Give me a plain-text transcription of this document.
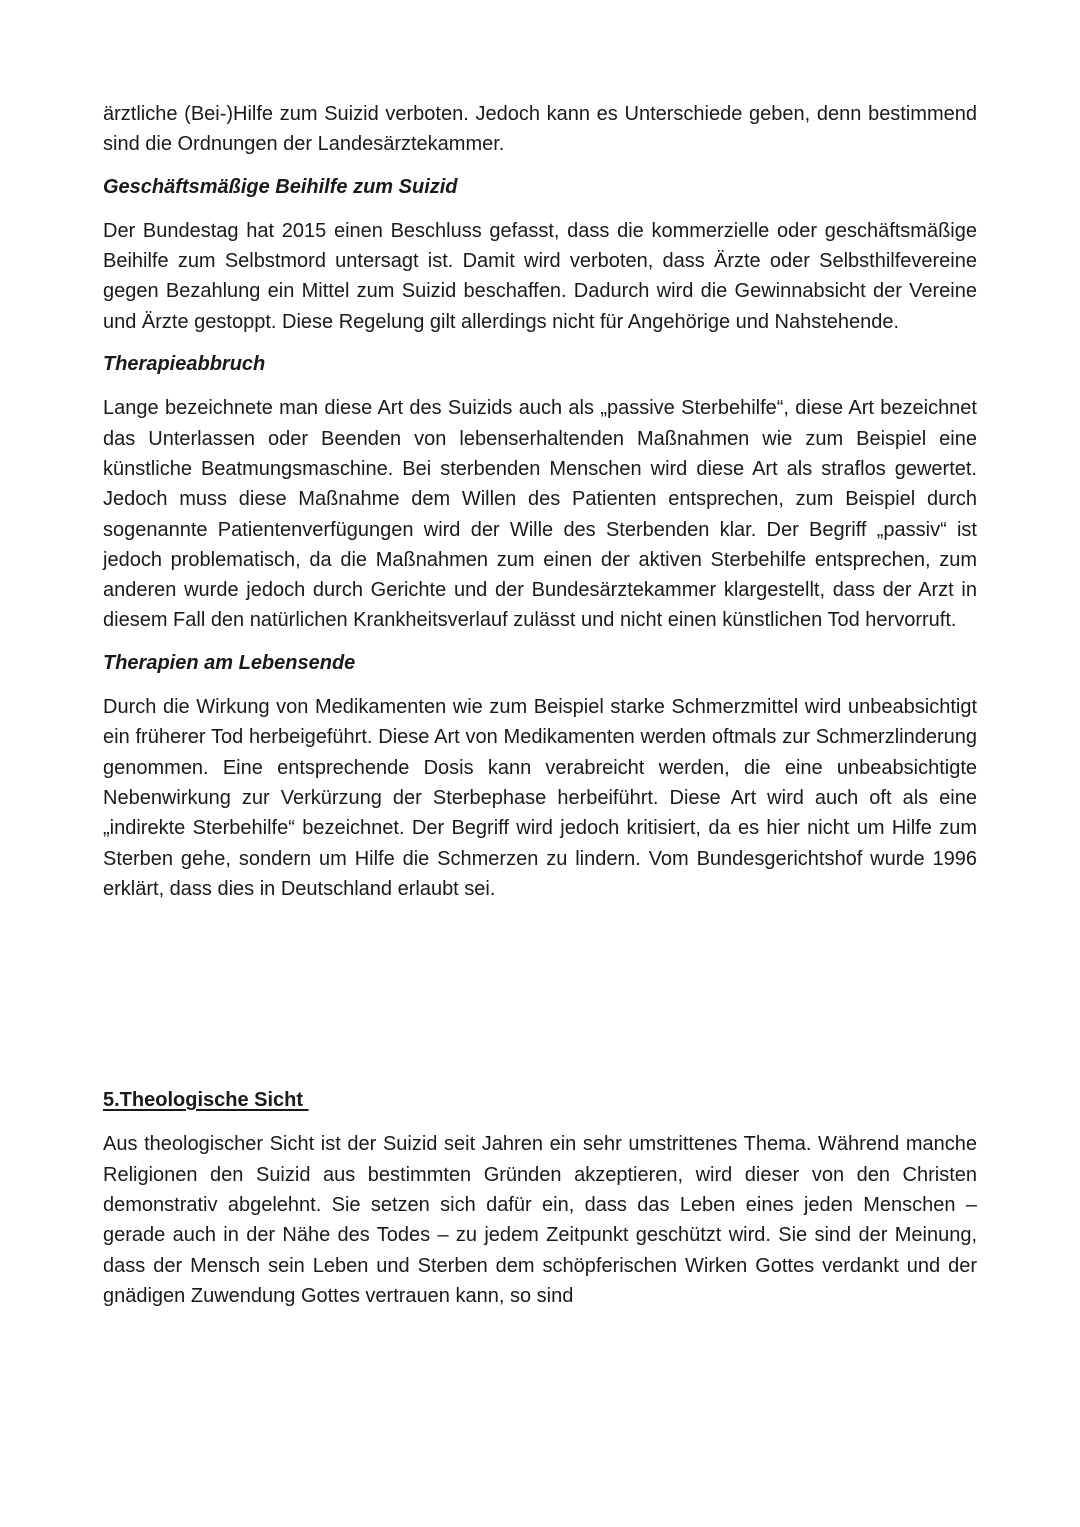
ärztliche (Bei-)Hilfe zum Suizid verboten. Jedoch kann es Unterschiede geben, denn bestimmend sind die Ordnungen der Landesärztekammer.

Geschäftsmäßige Beihilfe zum Suizid

Der Bundestag hat 2015 einen Beschluss gefasst, dass die kommerzielle oder geschäftsmäßige Beihilfe zum Selbstmord untersagt ist. Damit wird verboten, dass Ärzte oder Selbsthilfevereine gegen Bezahlung ein Mittel zum Suizid beschaffen. Dadurch wird die Gewinnabsicht der Vereine und Ärzte gestoppt. Diese Regelung gilt allerdings nicht für Angehörige und Nahstehende.

Therapieabbruch

Lange bezeichnete man diese Art des Suizids auch als „passive Sterbehilfe“, diese Art bezeichnet das Unterlassen oder Beenden von lebenserhaltenden Maßnahmen wie zum Beispiel eine künstliche Beatmungsmaschine. Bei sterbenden Menschen wird diese Art als straflos gewertet. Jedoch muss diese Maßnahme dem Willen des Patienten entsprechen, zum Beispiel durch sogenannte Patientenverfügungen wird der Wille des Sterbenden klar. Der Begriff „passiv“ ist jedoch problematisch, da die Maßnahmen zum einen der aktiven Sterbehilfe entsprechen, zum anderen wurde jedoch durch Gerichte und der Bundesärztekammer klargestellt, dass der Arzt in diesem Fall den natürlichen Krankheitsverlauf zulässt und nicht einen künstlichen Tod hervorruft.

Therapien am Lebensende

Durch die Wirkung von Medikamenten wie zum Beispiel starke Schmerzmittel wird unbeabsichtigt ein früherer Tod herbeigeführt. Diese Art von Medikamenten werden oftmals zur Schmerzlinderung genommen. Eine entsprechende Dosis kann verabreicht werden, die eine unbeabsichtigte Nebenwirkung zur Verkürzung der Sterbephase herbeiführt. Diese Art wird auch oft als eine „indirekte Sterbehilfe“ bezeichnet. Der Begriff wird jedoch kritisiert, da es hier nicht um Hilfe zum Sterben gehe, sondern um Hilfe die Schmerzen zu lindern. Vom Bundesgerichtshof wurde 1996 erklärt, dass dies in Deutschland erlaubt sei.

5.Theologische Sicht

Aus theologischer Sicht ist der Suizid seit Jahren ein sehr umstrittenes Thema. Während manche Religionen den Suizid aus bestimmten Gründen akzeptieren, wird dieser von den Christen demonstrativ abgelehnt. Sie setzen sich dafür ein, dass das Leben eines jeden Menschen – gerade auch in der Nähe des Todes – zu jedem Zeitpunkt geschützt wird. Sie sind der Meinung, dass der Mensch sein Leben und Sterben dem schöpferischen Wirken Gottes verdankt und der gnädigen Zuwendung Gottes vertrauen kann, so sind
